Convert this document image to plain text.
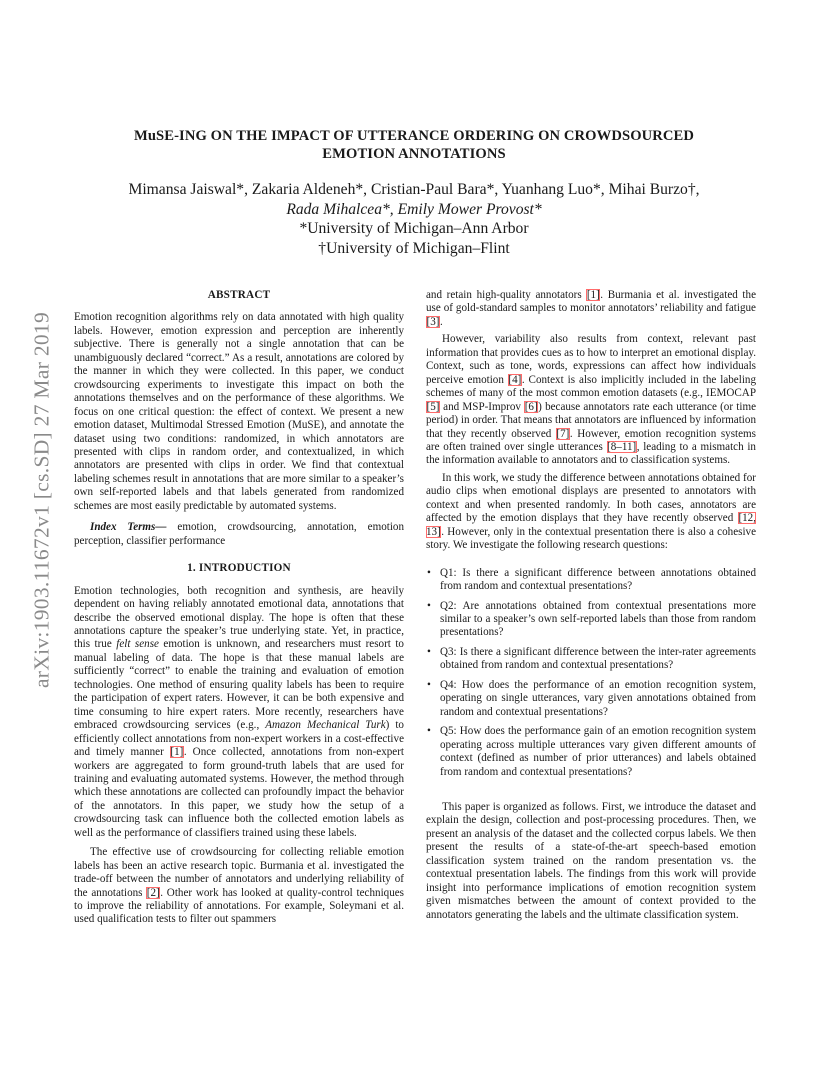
arXiv:1903.11672v1 [cs.SD] 27 Mar 2019
MuSE-ING ON THE IMPACT OF UTTERANCE ORDERING ON CROWDSOURCED
EMOTION ANNOTATIONS
Mimansa Jaiswal*, Zakaria Aldeneh*, Cristian-Paul Bara*, Yuanhang Luo*, Mihai Burzo†,
Rada Mihalcea*, Emily Mower Provost*
*University of Michigan–Ann Arbor
†University of Michigan–Flint
ABSTRACT

Emotion recognition algorithms rely on data annotated with high quality labels. However, emotion expression and perception are inherently subjective. There is generally not a single annotation that can be unambiguously declared “correct.” As a result, annotations are colored by the manner in which they were collected. In this paper, we conduct crowdsourcing experiments to investigate this impact on both the annotations themselves and on the performance of these algorithms. We focus on one critical question: the effect of context. We present a new emotion dataset, Multimodal Stressed Emotion (MuSE), and annotate the dataset using two conditions: randomized, in which annotators are presented with clips in random order, and contextualized, in which annotators are presented with clips in order. We find that contextual labeling schemes result in annotations that are more similar to a speaker’s own self-reported labels and that labels generated from randomized schemes are most easily predictable by automated systems.

Index Terms— emotion, crowdsourcing, annotation, emotion perception, classifier performance

1. INTRODUCTION

Emotion technologies, both recognition and synthesis, are heavily dependent on having reliably annotated emotional data, annotations that describe the observed emotional display. The hope is often that these annotations capture the speaker’s true underlying state. Yet, in practice, this true felt sense emotion is unknown, and researchers must resort to manual labeling of data. The hope is that these manual labels are sufficiently “correct” to enable the training and evaluation of emotion technologies. One method of ensuring quality labels has been to require the participation of expert raters. However, it can be both expensive and time consuming to hire expert raters. More recently, researchers have embraced crowdsourcing services (e.g., Amazon Mechanical Turk) to efficiently collect annotations from non-expert workers in a cost-effective and timely manner [1]. Once collected, annotations from non-expert workers are aggregated to form ground-truth labels that are used for training and evaluating automated systems. However, the method through which these annotations are collected can profoundly impact the behavior of the annotators. In this paper, we study how the setup of a crowdsourcing task can influence both the collected emotion labels as well as the performance of classifiers trained using these labels.

The effective use of crowdsourcing for collecting reliable emotion labels has been an active research topic. Burmania et al. investigated the trade-off between the number of annotators and underlying reliability of the annotations [2]. Other work has looked at quality-control techniques to improve the reliability of annotations. For example, Soleymani et al. used qualification tests to filter out spammers

and retain high-quality annotators [1]. Burmania et al. investigated the use of gold-standard samples to monitor annotators’ reliability and fatigue [3].

However, variability also results from context, relevant past information that provides cues as to how to interpret an emotional display. Context, such as tone, words, expressions can affect how individuals perceive emotion [4]. Context is also implicitly included in the labeling schemes of many of the most common emotion datasets (e.g., IEMOCAP [5] and MSP-Improv [6]) because annotators rate each utterance (or time period) in order. That means that annotators are influenced by information that they recently observed [7]. However, emotion recognition systems are often trained over single utterances [8–11], leading to a mismatch in the information available to annotators and to classification systems.

In this work, we study the difference between annotations obtained for audio clips when emotional displays are presented to annotators with context and when presented randomly. In both cases, annotators are affected by the emotion displays that they have recently observed [12, 13]. However, only in the contextual presentation there is also a cohesive story. We investigate the following research questions:

• Q1: Is there a significant difference between annotations obtained from random and contextual presentations?
• Q2: Are annotations obtained from contextual presentations more similar to a speaker’s own self-reported labels than those from random presentations?
• Q3: Is there a significant difference between the inter-rater agreements obtained from random and contextual presentations?
• Q4: How does the performance of an emotion recognition system, operating on single utterances, vary given annotations obtained from random and contextual presentations?
• Q5: How does the performance gain of an emotion recognition system operating across multiple utterances vary given different amounts of context (defined as number of prior utterances) and labels obtained from random and contextual presentations?

This paper is organized as follows. First, we introduce the dataset and explain the design, collection and post-processing procedures. Then, we present an analysis of the dataset and the collected corpus labels. We then present the results of a state-of-the-art speech-based emotion classification system trained on the random presentation vs. the contextual presentation labels. The findings from this work will provide insight into performance implications of emotion recognition system given mismatches between the amount of context provided to the annotators generating the labels and the ultimate classification system.
